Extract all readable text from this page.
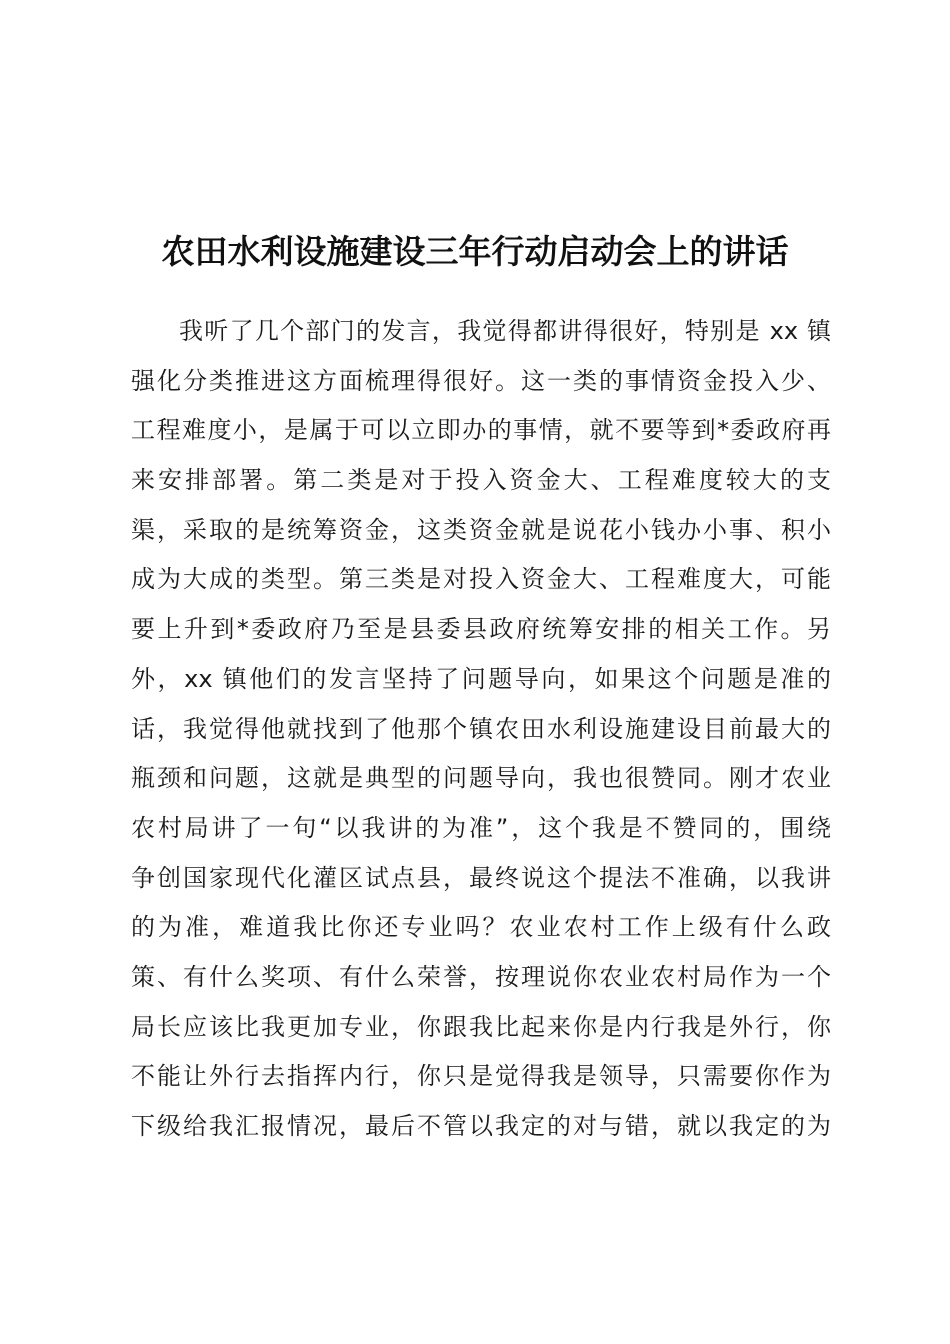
农田水利设施建设三年行动启动会上的讲话
我听了几个部门的发言，我觉得都讲得很好，特别是 xx 镇
强化分类推进这方面梳理得很好。这一类的事情资金投入少、
工程难度小，是属于可以立即办的事情，就不要等到*委政府再
来安排部署。第二类是对于投入资金大、工程难度较大的支
渠，采取的是统筹资金，这类资金就是说花小钱办小事、积小
成为大成的类型。第三类是对投入资金大、工程难度大，可能
要上升到*委政府乃至是县委县政府统筹安排的相关工作。另
外，xx 镇他们的发言坚持了问题导向，如果这个问题是准的
话，我觉得他就找到了他那个镇农田水利设施建设目前最大的
瓶颈和问题，这就是典型的问题导向，我也很赞同。刚才农业
农村局讲了一句“以我讲的为准”，这个我是不赞同的，围绕
争创国家现代化灌区试点县，最终说这个提法不准确，以我讲
的为准，难道我比你还专业吗？农业农村工作上级有什么政
策、有什么奖项、有什么荣誉，按理说你农业农村局作为一个
局长应该比我更加专业，你跟我比起来你是内行我是外行，你
不能让外行去指挥内行，你只是觉得我是领导，只需要你作为
下级给我汇报情况，最后不管以我定的对与错，就以我定的为
